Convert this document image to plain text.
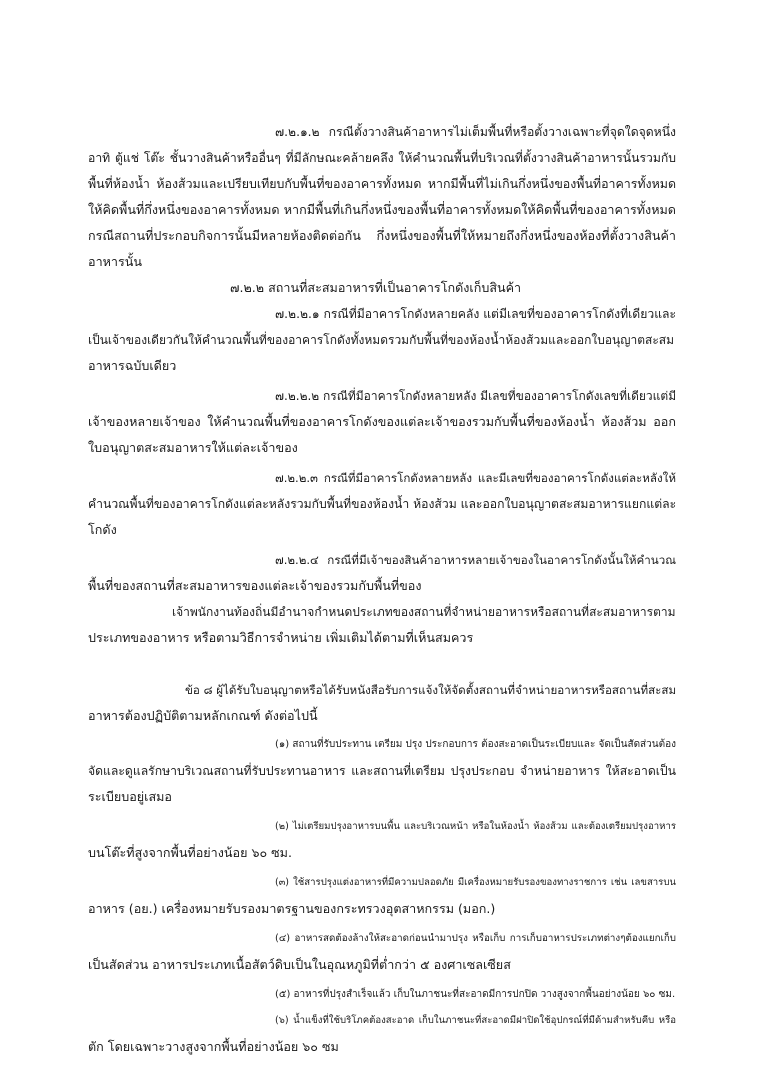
๗.๒.๑.๒ กรณีตั้งวางสินค้าอาหารไม่เต็มพื้นที่หรือตั้งวางเฉพาะที่จุดใดจุดหนึ่ง
อาทิ ตู้แช่ โต๊ะ ชั้นวางสินค้าหรืออื่นๆ ที่มีลักษณะคล้ายคลึง ให้คำนวณพื้นที่บริเวณที่ตั้งวางสินค้าอาหารนั้นรวมกับ
พื้นที่ห้องน้ำ ห้องส้วมและเปรียบเทียบกับพื้นที่ของอาคารทั้งหมด หากมีพื้นที่ไม่เกินกึ่งหนึ่งของพื้นที่อาคารทั้งหมด
ให้คิดพื้นที่กึ่งหนึ่งของอาคารทั้งหมด หากมีพื้นที่เกินกึ่งหนึ่งของพื้นที่อาคารทั้งหมดให้คิดพื้นที่ของอาคารทั้งหมด
กรณีสถานที่ประกอบกิจการนั้นมีหลายห้องติดต่อกัน กึ่งหนึ่งของพื้นที่ให้หมายถึงกึ่งหนึ่งของห้องที่ตั้งวางสินค้า
อาหารนั้น
๗.๒.๒ สถานที่สะสมอาหารที่เป็นอาคารโกดังเก็บสินค้า
๗.๒.๒.๑ กรณีที่มีอาคารโกดังหลายคลัง แต่มีเลขที่ของอาคารโกดังที่เดียวและ
เป็นเจ้าของเดียวกันให้คำนวณพื้นที่ของอาคารโกดังทั้งหมดรวมกับพื้นที่ของห้องน้ำห้องส้วมและออกใบอนุญาตสะสม
อาหารฉบับเดียว
๗.๒.๒.๒ กรณีที่มีอาคารโกดังหลายหลัง มีเลขที่ของอาคารโกดังเลขที่เดียวแต่มี
เจ้าของหลายเจ้าของ ให้คำนวณพื้นที่ของอาคารโกดังของแต่ละเจ้าของรวมกับพื้นที่ของห้องน้ำ ห้องส้วม ออก
ใบอนุญาตสะสมอาหารให้แต่ละเจ้าของ
๗.๒.๒.๓ กรณีที่มีอาคารโกดังหลายหลัง และมีเลขที่ของอาคารโกดังแต่ละหลังให้
คำนวณพื้นที่ของอาคารโกดังแต่ละหลังรวมกับพื้นที่ของห้องน้ำ ห้องส้วม และออกใบอนุญาตสะสมอาหารแยกแต่ละ
โกดัง
๗.๒.๒.๔ กรณีที่มีเจ้าของสินค้าอาหารหลายเจ้าของในอาคารโกดังนั้นให้คำนวณ
พื้นที่ของสถานที่สะสมอาหารของแต่ละเจ้าของรวมกับพื้นที่ของ
เจ้าพนักงานท้องถิ่นมีอำนาจกำหนดประเภทของสถานที่จำหน่ายอาหารหรือสถานที่สะสมอาหารตาม
ประเภทของอาหาร หรือตามวิธีการจำหน่าย เพิ่มเติมได้ตามที่เห็นสมควร
ข้อ ๘ ผู้ได้รับใบอนุญาตหรือได้รับหนังสือรับการแจ้งให้จัดตั้งสถานที่จำหน่ายอาหารหรือสถานที่สะสม
อาหารต้องปฏิบัติตามหลักเกณฑ์ ดังต่อไปนี้
(๑) สถานที่รับประทาน เตรียม ปรุง ประกอบการ ต้องสะอาดเป็นระเบียบและ จัดเป็นสัดส่วนต้อง
จัดและดูแลรักษาบริเวณสถานที่รับประทานอาหาร และสถานที่เตรียม ปรุงประกอบ จำหน่ายอาหาร ให้สะอาดเป็น
ระเบียบอยู่เสมอ
(๒) ไม่เตรียมปรุงอาหารบนพื้น และบริเวณหน้า หรือในห้องน้ำ ห้องส้วม และต้องเตรียมปรุงอาหาร
บนโต๊ะที่สูงจากพื้นที่อย่างน้อย ๖๐ ซม.
(๓) ใช้สารปรุงแต่งอาหารที่มีความปลอดภัย มีเครื่องหมายรับรองของทางราชการ เช่น เลขสารบน
อาหาร (อย.) เครื่องหมายรับรองมาตรฐานของกระทรวงอุตสาหกรรม (มอก.)
(๔) อาหารสดต้องล้างให้สะอาดก่อนนำมาปรุง หรือเก็บ การเก็บอาหารประเภทต่างๆต้องแยกเก็บ
เป็นสัดส่วน อาหารประเภทเนื้อสัตว์ดิบเป็นในอุณหภูมิที่ต่ำกว่า ๕ องศาเซลเซียส
(๕) อาหารที่ปรุงสำเร็จแล้ว เก็บในภาชนะที่สะอาดมีการปกปิด วางสูงจากพื้นอย่างน้อย ๖๐ ซม.
(๖) น้ำแข็งที่ใช้บริโภคต้องสะอาด เก็บในภาชนะที่สะอาดมีฝาปิดใช้อุปกรณ์ที่มีด้ามสำหรับคีบ หรือ
ตัก โดยเฉพาะวางสูงจากพื้นที่อย่างน้อย ๖๐ ซม
